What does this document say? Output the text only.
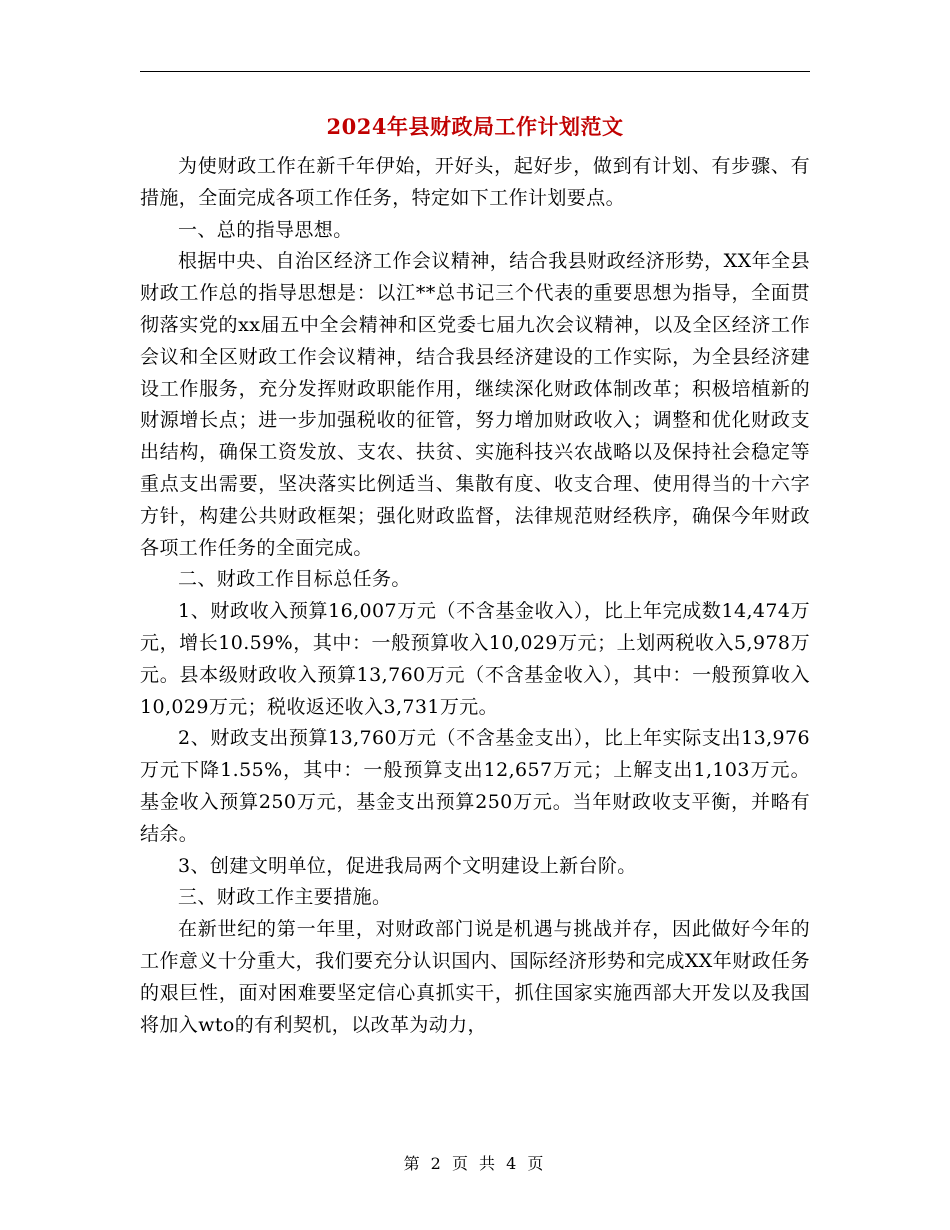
2024年县财政局工作计划范文

为使财政工作在新千年伊始，开好头，起好步，做到有计划、有步骤、有措施，全面完成各项工作任务，特定如下工作计划要点。

一、总的指导思想。

根据中央、自治区经济工作会议精神，结合我县财政经济形势，XX年全县财政工作总的指导思想是：以江**总书记三个代表的重要思想为指导，全面贯彻落实党的xx届五中全会精神和区党委七届九次会议精神，以及全区经济工作会议和全区财政工作会议精神，结合我县经济建设的工作实际，为全县经济建设工作服务，充分发挥财政职能作用，继续深化财政体制改革；积极培植新的财源增长点；进一步加强税收的征管，努力增加财政收入；调整和优化财政支出结构，确保工资发放、支农、扶贫、实施科技兴农战略以及保持社会稳定等重点支出需要，坚决落实比例适当、集散有度、收支合理、使用得当的十六字方针，构建公共财政框架；强化财政监督，法律规范财经秩序，确保今年财政各项工作任务的全面完成。

二、财政工作目标总任务。

1、财政收入预算16,007万元（不含基金收入），比上年完成数14,474万元，增长10.59%，其中：一般预算收入10,029万元；上划两税收入5,978万元。县本级财政收入预算13,760万元（不含基金收入），其中：一般预算收入10,029万元；税收返还收入3,731万元。

2、财政支出预算13,760万元（不含基金支出），比上年实际支出13,976万元下降1.55%，其中：一般预算支出12,657万元；上解支出1,103万元。基金收入预算250万元，基金支出预算250万元。当年财政收支平衡，并略有结余。

3、创建文明单位，促进我局两个文明建设上新台阶。

三、财政工作主要措施。

在新世纪的第一年里，对财政部门说是机遇与挑战并存，因此做好今年的工作意义十分重大，我们要充分认识国内、国际经济形势和完成XX年财政任务的艰巨性，面对困难要坚定信心真抓实干，抓住国家实施西部大开发以及我国将加入wto的有利契机，以改革为动力，

第 2 页 共 4 页
